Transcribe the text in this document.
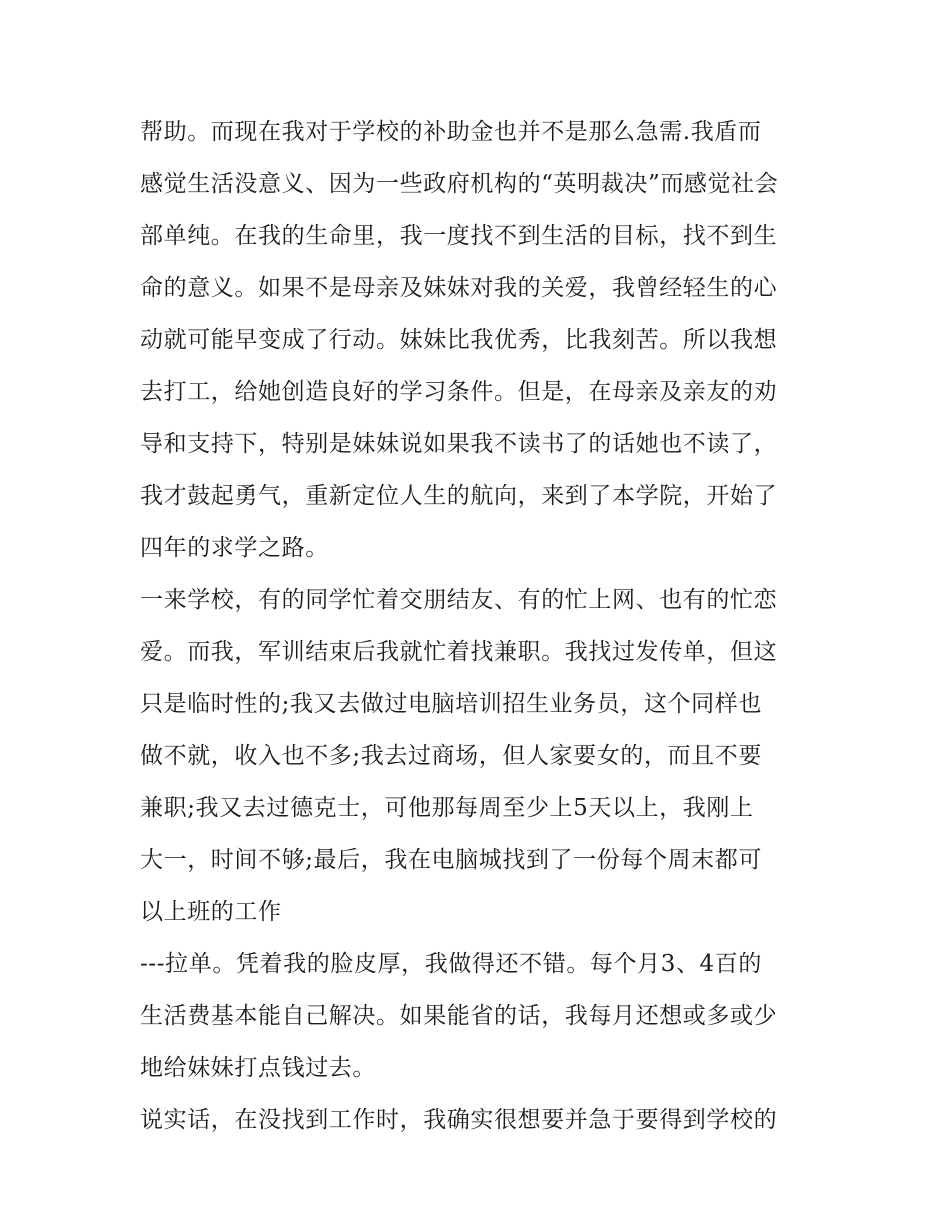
帮助。而现在我对于学校的补助金也并不是那么急需.我盾而
感觉生活没意义、因为一些政府机构的“英明裁决”而感觉社会
部单纯。在我的生命里，我一度找不到生活的目标，找不到生
命的意义。如果不是母亲及妹妹对我的关爱，我曾经轻生的心
动就可能早变成了行动。妹妹比我优秀，比我刻苦。所以我想
去打工，给她创造良好的学习条件。但是，在母亲及亲友的劝
导和支持下，特别是妹妹说如果我不读书了的话她也不读了，
我才鼓起勇气，重新定位人生的航向，来到了本学院，开始了
四年的求学之路。
一来学校，有的同学忙着交朋结友、有的忙上网、也有的忙恋
爱。而我，军训结束后我就忙着找兼职。我找过发传单，但这
只是临时性的;我又去做过电脑培训招生业务员，这个同样也
做不就，收入也不多;我去过商场，但人家要女的，而且不要
兼职;我又去过德克士，可他那每周至少上5天以上，我刚上
大一，时间不够;最后，我在电脑城找到了一份每个周末都可
以上班的工作
---拉单。凭着我的脸皮厚，我做得还不错。每个月3、4百的
生活费基本能自己解决。如果能省的话，我每月还想或多或少
地给妹妹打点钱过去。
说实话，在没找到工作时，我确实很想要并急于要得到学校的
